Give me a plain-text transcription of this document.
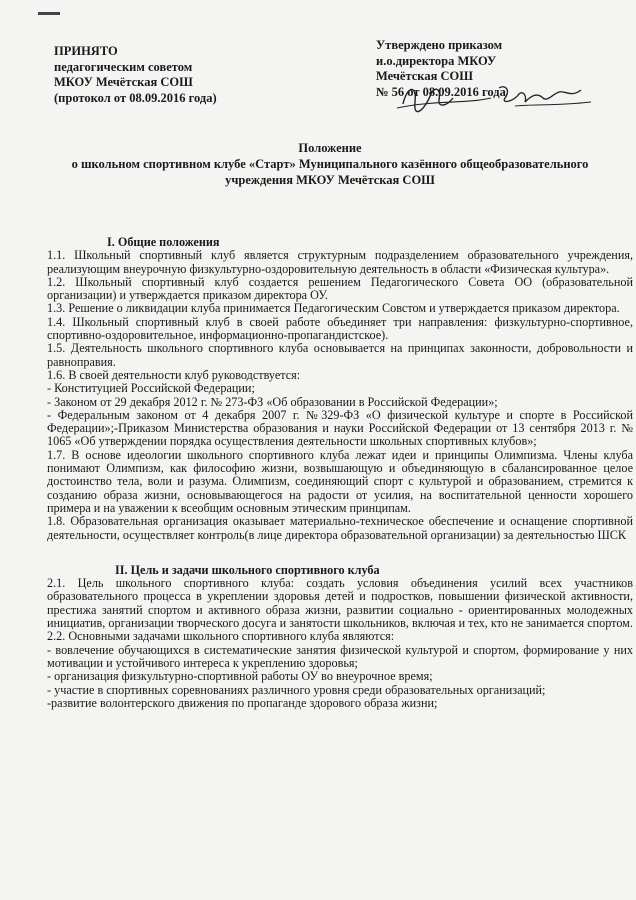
ПРИНЯТО
педагогическим советом
МКОУ Мечётская СОШ
(протокол от 08.09.2016 года)
Утверждено приказом
и.о.директора МКОУ
Мечётская СОШ
№ 56 от 08.09.2016 года
Положение
о школьном спортивном клубе «Старт» Муниципального казённого общеобразовательного
учреждения МКОУ Мечётская СОШ

I. Общие положения

1.1. Школьный спортивный клуб является структурным подразделением образовательного учреждения, реализующим внеурочную физкультурно-оздоровительную деятельность в области «Физическая культура».

1.2. Школьный спортивный клуб создается решением Педагогического Совета ОО (образовательной организации) и утверждается приказом директора ОУ.

1.3. Решение о ликвидации клуба принимается Педагогическим Совстом и утверждается приказом директора.

1.4. Школьный спортивный клуб в своей работе объединяет три направления: физкультурно-спортивное, спортивно-оздоровительное, информационно-пропагандистское).

1.5. Деятельность школьного спортивного клуба основывается на принципах законности, добровольности и равноправия.

1.6. В своей деятельности клуб руководствуется:

- Конституцией Российской Федерации;

- Законом от 29 декабря 2012 г. № 273-ФЗ «Об образовании в Российской Федерации»;

- Федеральным законом от 4 декабря 2007 г. №329-ФЗ «О физической культуре и спорте в Российской Федерации»;-Приказом Министерства образования и науки Российской Федерации от 13 сентября 2013 г. № 1065 «Об утверждении порядка осуществления деятельности школьных спортивных клубов»;

1.7. В основе идеологии школьного спортивного клуба лежат идеи и принципы Олимпизма. Члены клуба понимают Олимпизм, как философию жизни, возвышающую и объединяющую в сбалансированное целое достоинство тела, воли и разума. Олимпизм, соединяющий спорт с культурой и образованием, стремится к созданию образа жизни, основывающегося на радости от усилия, на воспитательной ценности хорошего примера и на уважении к всеобщим основным этическим принципам.

1.8. Образовательная организация оказывает материально-техническое обеспечение и оснащение спортивной деятельности, осуществляет контроль(в лице директора образовательной организации) за деятельностью ШСК

II. Цель и задачи школьного спортивного клуба

2.1. Цель школьного спортивного клуба: создать условия объединения усилий всех участников образовательного процесса в укреплении здоровья детей и подростков, повышении физической активности, престижа занятий спортом и активного образа жизни, развитии социально - ориентированных молодежных инициатив, организации творческого досуга и занятости школьников, включая и тех, кто не занимается спортом.

2.2. Основными задачами школьного спортивного клуба являются:

- вовлечение обучающихся в систематические занятия физической культурой и спортом, формирование у них мотивации и устойчивого интереса к укреплению здоровья;

- организация физкультурно-спортивной работы ОУ во внеурочное время;

- участие в спортивных соревнованиях различного уровня среди образовательных организаций;

-развитие волонтерского движения по пропаганде здорового образа жизни;
